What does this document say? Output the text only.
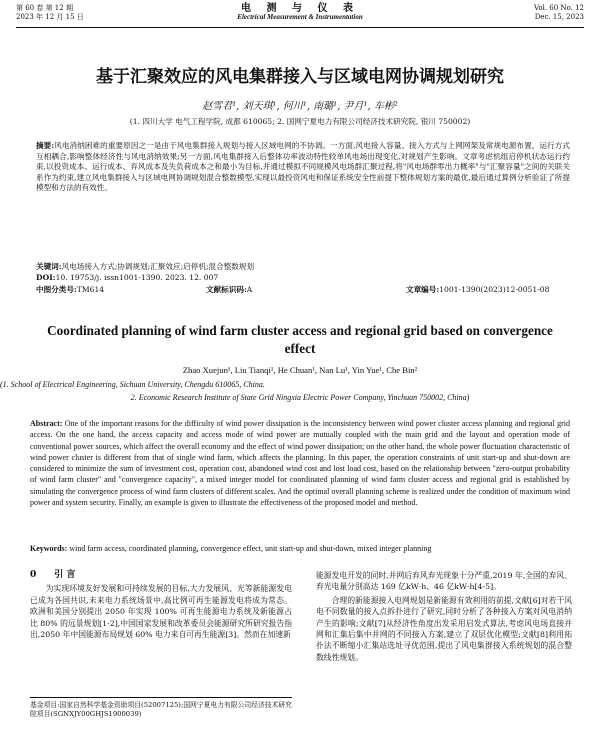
第 60 卷 第 12 期
2023 年 12 月 15 日
电 测 与 仪 表
Electrical Measurement & Instrumentation
Vol. 60 No. 12
Dec. 15, 2023
基于汇聚效应的风电集群接入与区域电网协调规划研究
赵雪君¹, 刘天琪¹, 何川¹, 南璐¹, 尹月¹, 车彬²
(1. 四川大学 电气工程学院, 成都 610065; 2. 国网宁夏电力有限公司经济技术研究院, 银川 750002)
摘要:风电消纳困难的重要原因之一是由于风电集群接入规划与接入区域电网的不协调。一方面,风电接入容量、接入方式与上网网架及常规电源布置、运行方式互相耦合,影响整体经济性与风电消纳效果;另一方面,风电集群接入后整体功率波动特性较单风电场出现变化,对规划产生影响。文章考虑机组启停机状态运行约束,以投资成本、运行成本、弃风成本及失负荷成本之和最小为目标,并通过模拟不同规模风电场群汇聚过程,将"风电场群零出力概率"与"汇聚容量"之间的关联关系作为约束,建立风电集群接入与区域电网协调规划混合整数模型,实现以最投资风电和保证系统安全性前提下整体规划方案的最优,最后通过算例分析验证了所提模型和方法的有效性。
关键词:风电场接入方式;协调规划;汇聚效应;启停机;混合整数规划
DOI:10. 19753/j. issn1001-1390. 2023. 12. 007
中图分类号:TM614	文献标识码:A	文章编号:1001-1390(2023)12-0051-08
Coordinated planning of wind farm cluster access and regional grid based on convergence effect
Zhao Xuejun¹, Liu Tianqi¹, He Chuan¹, Nan Lu¹, Yin Yue¹, Che Bin²
(1. School of Electrical Engineering, Sichuan University, Chengdu 610065, China.
2. Economic Research Institute of State Grid Ningxia Electric Power Company, Yinchuan 750002, China)
Abstract: One of the important reasons for the difficulty of wind power dissipation is the inconsistency between wind power cluster access planning and regional grid access. On the one hand, the access capacity and access mode of wind power are mutually coupled with the main grid and the layout and operation mode of conventional power sources, which affect the overall economy and the effect of wind power dissipation; on the other hand, the whole power fluctuation characteristic of wind power cluster is different from that of single wind farm, which affects the planning. In this paper, the operation constraints of unit start-up and shut-down are considered to minimize the sum of investment cost, operation cost, abandoned wind cost and lost load cost, based on the relationship between "zero-output probability of wind farm cluster" and "convergence capacity", a mixed integer model for coordinated planning of wind farm cluster access and regional grid is established by simulating the convergence process of wind farm clusters of different scales. And the optimal overall planning scheme is realized under the condition of maximum wind power and system security. Finally, an example is given to illustrate the effectiveness of the proposed model and method.
Keywords: wind farm access, coordinated planning, convergence effect, unit start-up and shut-down, mixed integer planning
0 引 言
为实现环境友好发展和可持续发展的目标,大力发展风、光等新能源发电已成为各国共识,未来电力系统场景中,高比例可再生能源发电将成为常态。欧洲和美国分别提出 2050 年实现 100% 可再生能源电力系统及新能源占比 80% 的远景规划[1-2],中国国家发展和改革委员会能源研究所研究报告指出,2050 年中国能源布局规划 60% 电力来自可再生能源[3]。然而在加速新
能源发电开发的同时,并网后弃风弃光现象十分严重,2019 年,全国的弃风、弃光电量分别高达 169 亿kW·h、46 亿kW·h[4-5]。
合理的新能源接入电网规划是新能源有效利用的前提,文献[6]对若干风电不同数量的接入点拆扑进行了研究,同时分析了各种接入方案对风电消纳产生的影响;文献[7]从经济性角度出发采用启发式算法,考虑风电场直接并网和汇集后集中并网的不同接入方案,建立了双层优化模型;文献[8]利用拓扑法不断缩小汇集站选址寻优范围,提出了风电集群接入系统规划的混合整数线性规划。
基金项目:国家自然科学基金资助项目(52007125);国网宁夏电力有限公司经济技术研究院项目(SGNXJY00GHJS1900039)
